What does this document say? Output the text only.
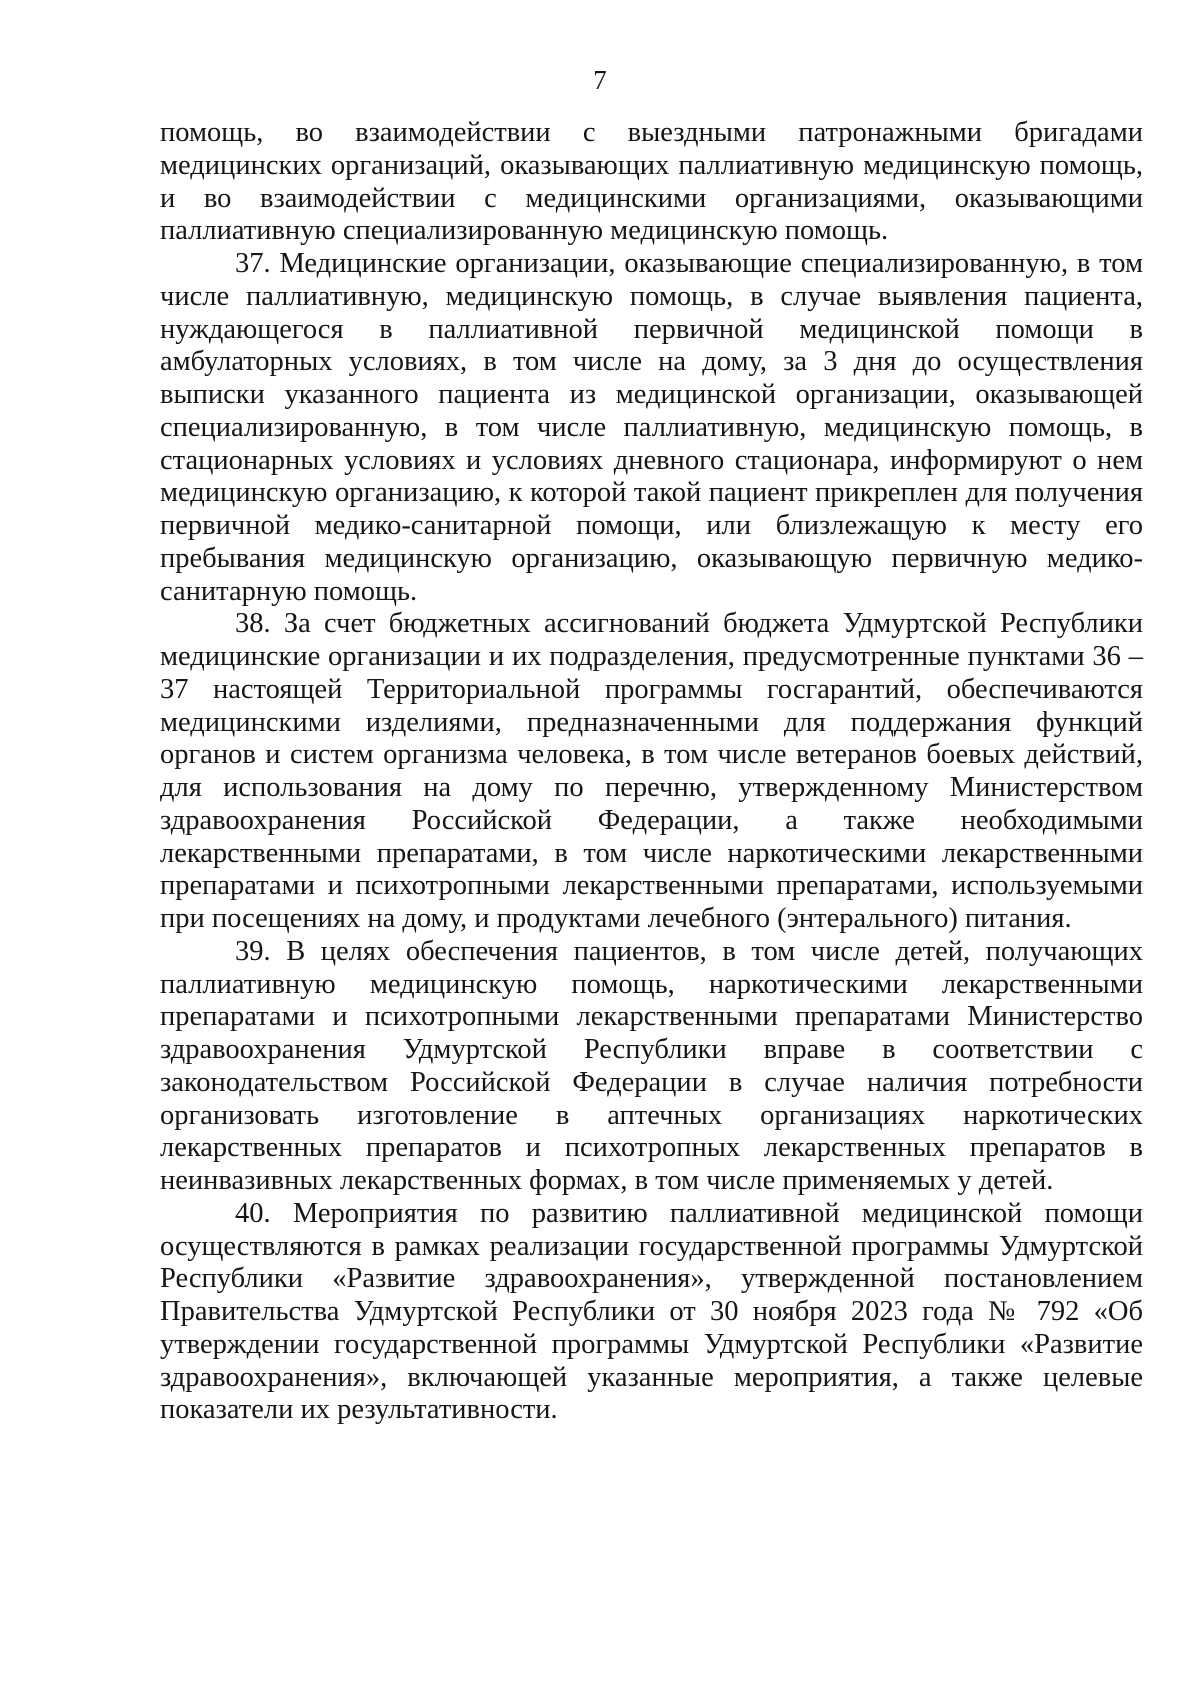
7

помощь, во взаимодействии с выездными патронажными бригадами медицинских организаций, оказывающих паллиативную медицинскую помощь, и во взаимодействии с медицинскими организациями, оказывающими паллиативную специализированную медицинскую помощь.

37. Медицинские организации, оказывающие специализированную, в том числе паллиативную, медицинскую помощь, в случае выявления пациента, нуждающегося в паллиативной первичной медицинской помощи в амбулаторных условиях, в том числе на дому, за 3 дня до осуществления выписки указанного пациента из медицинской организации, оказывающей специализированную, в том числе паллиативную, медицинскую помощь, в стационарных условиях и условиях дневного стационара, информируют о нем медицинскую организацию, к которой такой пациент прикреплен для получения первичной медико-санитарной помощи, или близлежащую к месту его пребывания медицинскую организацию, оказывающую первичную медико-санитарную помощь.

38. За счет бюджетных ассигнований бюджета Удмуртской Республики медицинские организации и их подразделения, предусмотренные пунктами 36 – 37 настоящей Территориальной программы госгарантий, обеспечиваются медицинскими изделиями, предназначенными для поддержания функций органов и систем организма человека, в том числе ветеранов боевых действий, для использования на дому по перечню, утвержденному Министерством здравоохранения Российской Федерации, а также необходимыми лекарственными препаратами, в том числе наркотическими лекарственными препаратами и психотропными лекарственными препаратами, используемыми при посещениях на дому, и продуктами лечебного (энтерального) питания.

39. В целях обеспечения пациентов, в том числе детей, получающих паллиативную медицинскую помощь, наркотическими лекарственными препаратами и психотропными лекарственными препаратами Министерство здравоохранения Удмуртской Республики вправе в соответствии с законодательством Российской Федерации в случае наличия потребности организовать изготовление в аптечных организациях наркотических лекарственных препаратов и психотропных лекарственных препаратов в неинвазивных лекарственных формах, в том числе применяемых у детей.

40. Мероприятия по развитию паллиативной медицинской помощи осуществляются в рамках реализации государственной программы Удмуртской Республики «Развитие здравоохранения», утвержденной постановлением Правительства Удмуртской Республики от 30 ноября 2023 года № 792 «Об утверждении государственной программы Удмуртской Республики «Развитие здравоохранения», включающей указанные мероприятия, а также целевые показатели их результативности.
